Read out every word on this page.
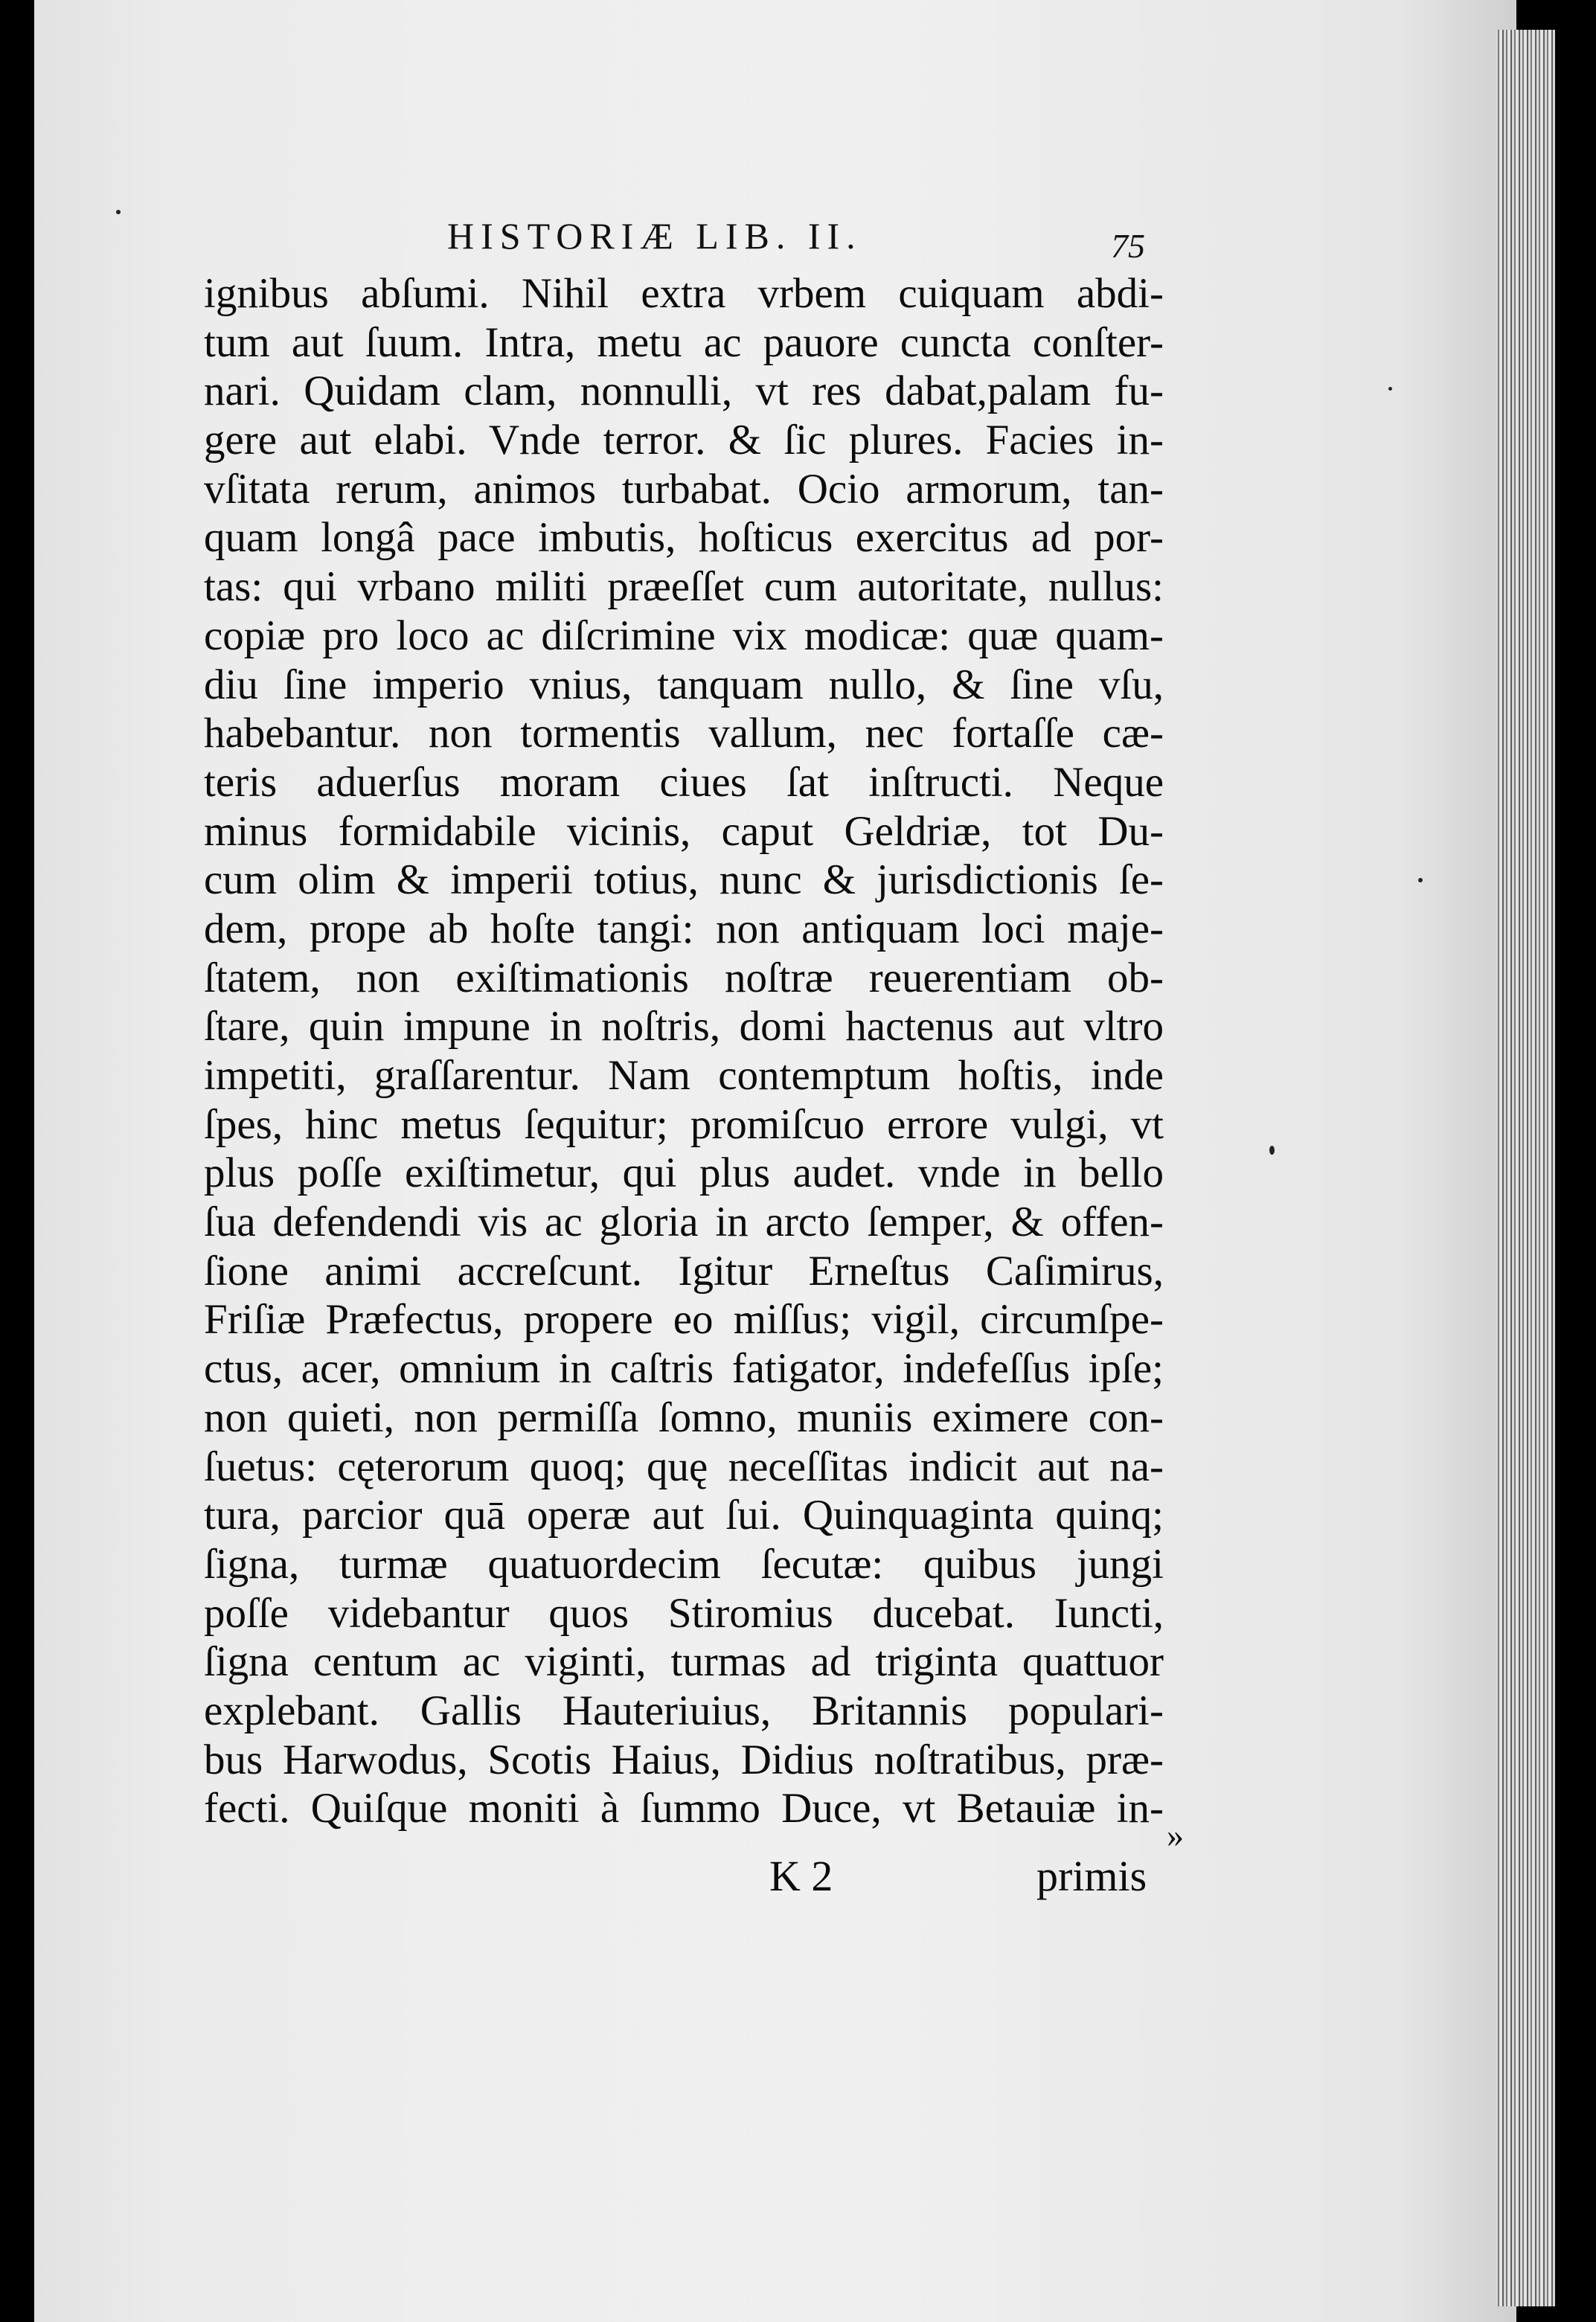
HISTORIÆ LIB. II.	75
ignibus abſumi. Nihil extra vrbem cuiquam abdi-
tum aut ſuum. Intra, metu ac pauore cuncta conſter-
nari. Quidam clam, nonnulli, vt res dabat,palam fu-
gere aut elabi. Vnde terror. & ſic plures. Facies in-
vſitata rerum, animos turbabat. Ocio armorum, tan-
quam longâ pace imbutis, hoſticus exercitus ad por-
tas: qui vrbano militi præeſſet cum autoritate, nullus:
copiæ pro loco ac diſcrimine vix modicæ: quæ quam-
diu ſine imperio vnius, tanquam nullo, & ſine vſu,
habebantur. non tormentis vallum, nec fortaſſe cæ-
teris aduerſus moram ciues ſat inſtructi. Neque
minus formidabile vicinis, caput Geldriæ, tot Du-
cum olim & imperii totius, nunc & jurisdictionis ſe-
dem, prope ab hoſte tangi: non antiquam loci maje-
ſtatem, non exiſtimationis noſtræ reuerentiam ob-
ſtare, quin impune in noſtris, domi hactenus aut vltro
impetiti, graſſarentur. Nam contemptum hoſtis, inde
ſpes, hinc metus ſequitur; promiſcuo errore vulgi, vt
plus poſſe exiſtimetur, qui plus audet. vnde in bello
ſua defendendi vis ac gloria in arcto ſemper, & offen-
ſione animi accreſcunt. Igitur Erneſtus Caſimirus,
Friſiæ Præfectus, propere eo miſſus; vigil, circumſpe-
ctus, acer, omnium in caſtris fatigator, indefeſſus ipſe;
non quieti, non permiſſa ſomno, muniis eximere con-
ſuetus: cęterorum quoq; quę neceſſitas indicit aut na-
tura, parcior quā operæ aut ſui. Quinquaginta quinq;
ſigna, turmæ quatuordecim ſecutæ: quibus jungi
poſſe videbantur quos Stiromius ducebat. Iuncti,
ſigna centum ac viginti, turmas ad triginta quattuor
explebant. Gallis Hauteriuius, Britannis populari-
bus Harwodus, Scotis Haius, Didius noſtratibus, præ-
fecti. Quiſque moniti à ſummo Duce, vt Betauiæ in-
»
K 2	primis
